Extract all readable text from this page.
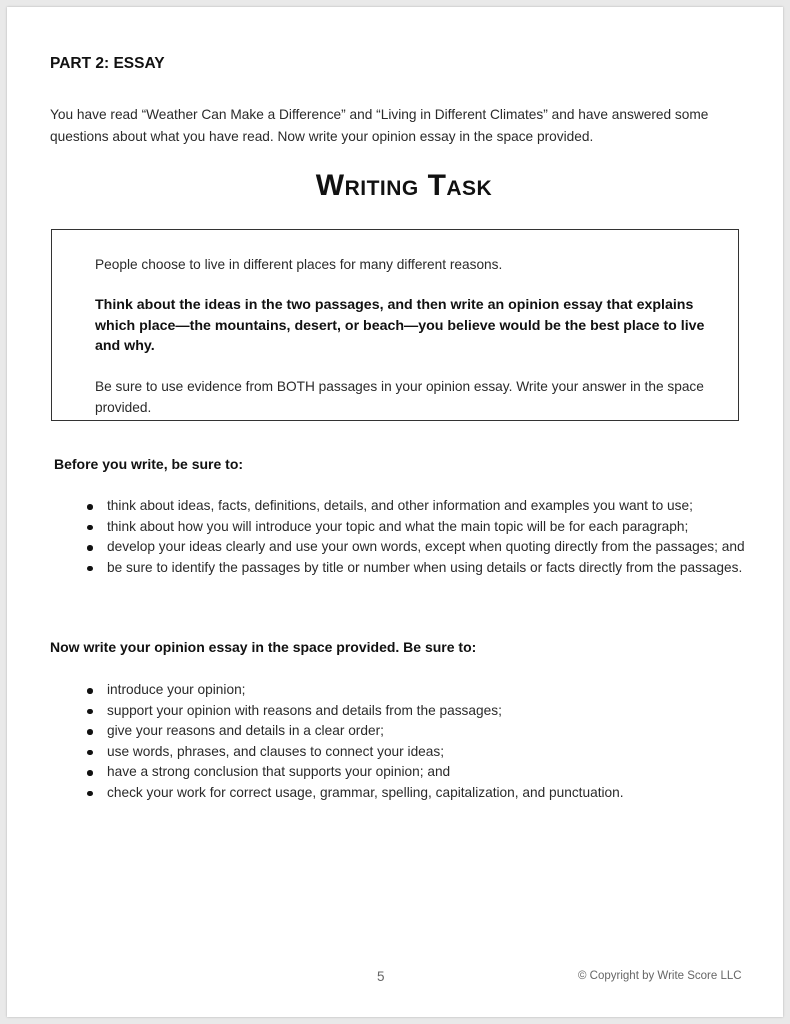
PART 2: ESSAY

You have read “Weather Can Make a Difference” and “Living in Different Climates” and have answered some questions about what you have read. Now write your opinion essay in the space provided.

Writing Task

People choose to live in different places for many different reasons.

Think about the ideas in the two passages, and then write an opinion essay that explains which place—the mountains, desert, or beach—you believe would be the best place to live and why.

Be sure to use evidence from BOTH passages in your opinion essay. Write your answer in the space provided.

Before you write, be sure to:
think about ideas, facts, definitions, details, and other information and examples you want to use;
think about how you will introduce your topic and what the main topic will be for each paragraph;
develop your ideas clearly and use your own words, except when quoting directly from the passages; and
be sure to identify the passages by title or number when using details or facts directly from the passages.
Now write your opinion essay in the space provided. Be sure to:
introduce your opinion;
support your opinion with reasons and details from the passages;
give your reasons and details in a clear order;
use words, phrases, and clauses to connect your ideas;
have a strong conclusion that supports your opinion; and
check your work for correct usage, grammar, spelling, capitalization, and punctuation.

5	© Copyright by Write Score LLC
